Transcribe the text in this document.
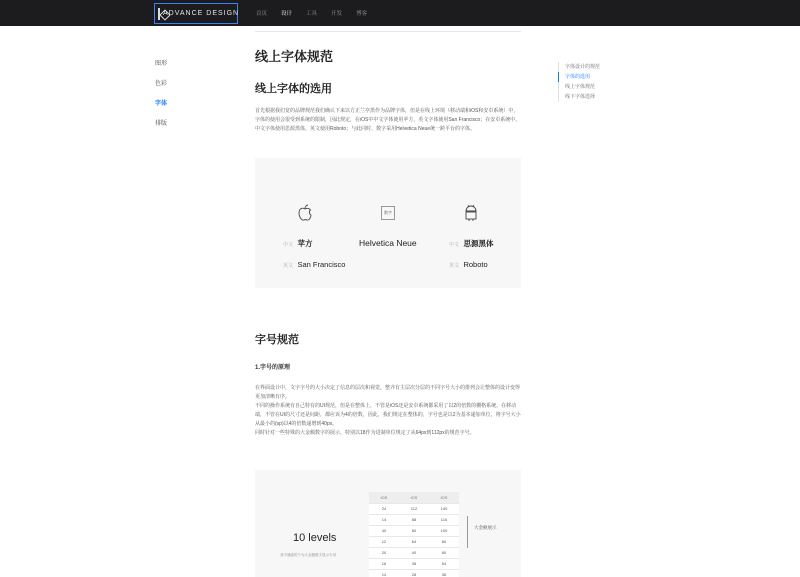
ADVANCE DESIGN	首页	设计	工具	开发	博客
图形
色彩
字体
排版
字体设计的规范
字体的选用
线上字体规范
线下字体选择
线上字体规范
线上字体的选用
首先根据我们宽的品牌规范我们确认下来以方正兰亭黑作为品牌字体，但是在线上环境（移动端和iOS和安卓系统）中，字体的使用会很受到系统的限制，因此规定，在iOS中中文字体使用苹方，英文字体使用San Francisco；在安卓系统中，中文字体使用思源黑体，英文使用Roboto；与此同时，数字采用Helvetica Neue统一跨平台的字体。
数字
中文 苹方
英文 San Francisco
Helvetica Neue	中文 思源黑体
英文 Roboto
字号规范
1.字号的原理
在界面设计中，文字字号的大小决定了信息的层次和视觉，整齐有主层次分层的不同字号大小的排列会让整体的设计变得更加清晰有序。
不同的操作系统有自己特有的UI规范，但是在整体上，不管是iOS还是安卓系统都采用了以2的倍数的栅格系统，在移动端，不管在UI的尺寸还是间距，都应该为4的倍数，因此，我们规定在整体的，字号也是以2为基本递加单位，将字号大小从最小的(sp)以4的倍数递增到40px。
同时针对一些特殊的大金额数字的展示，特别以18作为进制单位规定了从64px到112px的规范字号。
10 levels
其中涵盖的个为大金额数字显示专用
iOS	iOS	iOS
24	112	140
14	88	116
40	80	100
12	64	80
20	40	60
16	36	54
14	28	36
大金额展示
